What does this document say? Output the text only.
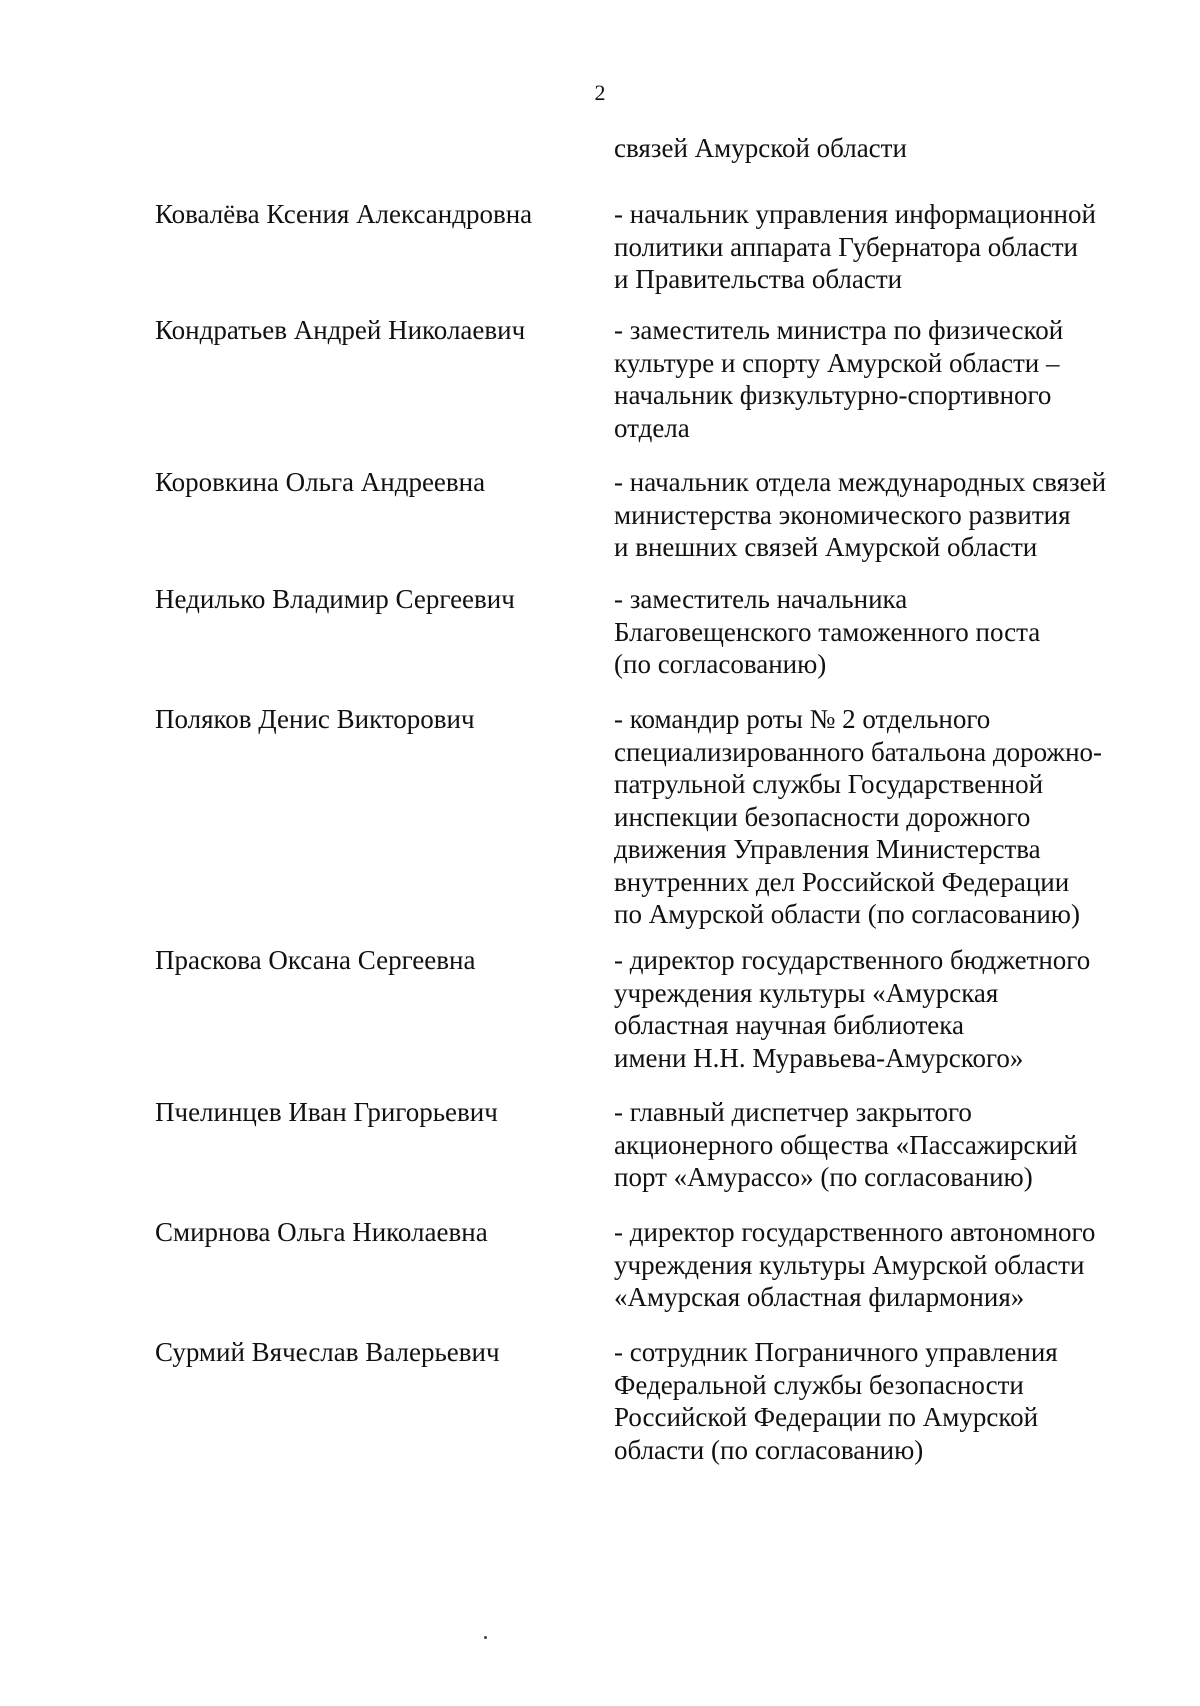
2
связей Амурской области
Ковалёва Ксения Александровна	- начальник управления информационной
политики аппарата Губернатора области
и Правительства области
Кондратьев Андрей Николаевич	- заместитель министра по физической
культуре и спорту Амурской области –
начальник физкультурно-спортивного
отдела
Коровкина Ольга Андреевна	- начальник отдела международных связей
министерства экономического развития
и внешних связей Амурской области
Недилько Владимир Сергеевич	- заместитель начальника
Благовещенского таможенного поста
(по согласованию)
Поляков Денис Викторович	- командир роты № 2 отдельного
специализированного батальона дорожно-
патрульной службы Государственной
инспекции безопасности дорожного
движения Управления Министерства
внутренних дел Российской Федерации
по Амурской области (по согласованию)
Праскова Оксана Сергеевна	- директор государственного бюджетного
учреждения культуры «Амурская
областная научная библиотека
имени Н.Н. Муравьева-Амурского»
Пчелинцев Иван Григорьевич	- главный диспетчер закрытого
акционерного общества «Пассажирский
порт «Амурассо» (по согласованию)
Смирнова Ольга Николаевна	- директор государственного автономного
учреждения культуры Амурской области
«Амурская областная филармония»
Сурмий Вячеслав Валерьевич	- сотрудник Пограничного управления
Федеральной службы безопасности
Российской Федерации по Амурской
области (по согласованию)
